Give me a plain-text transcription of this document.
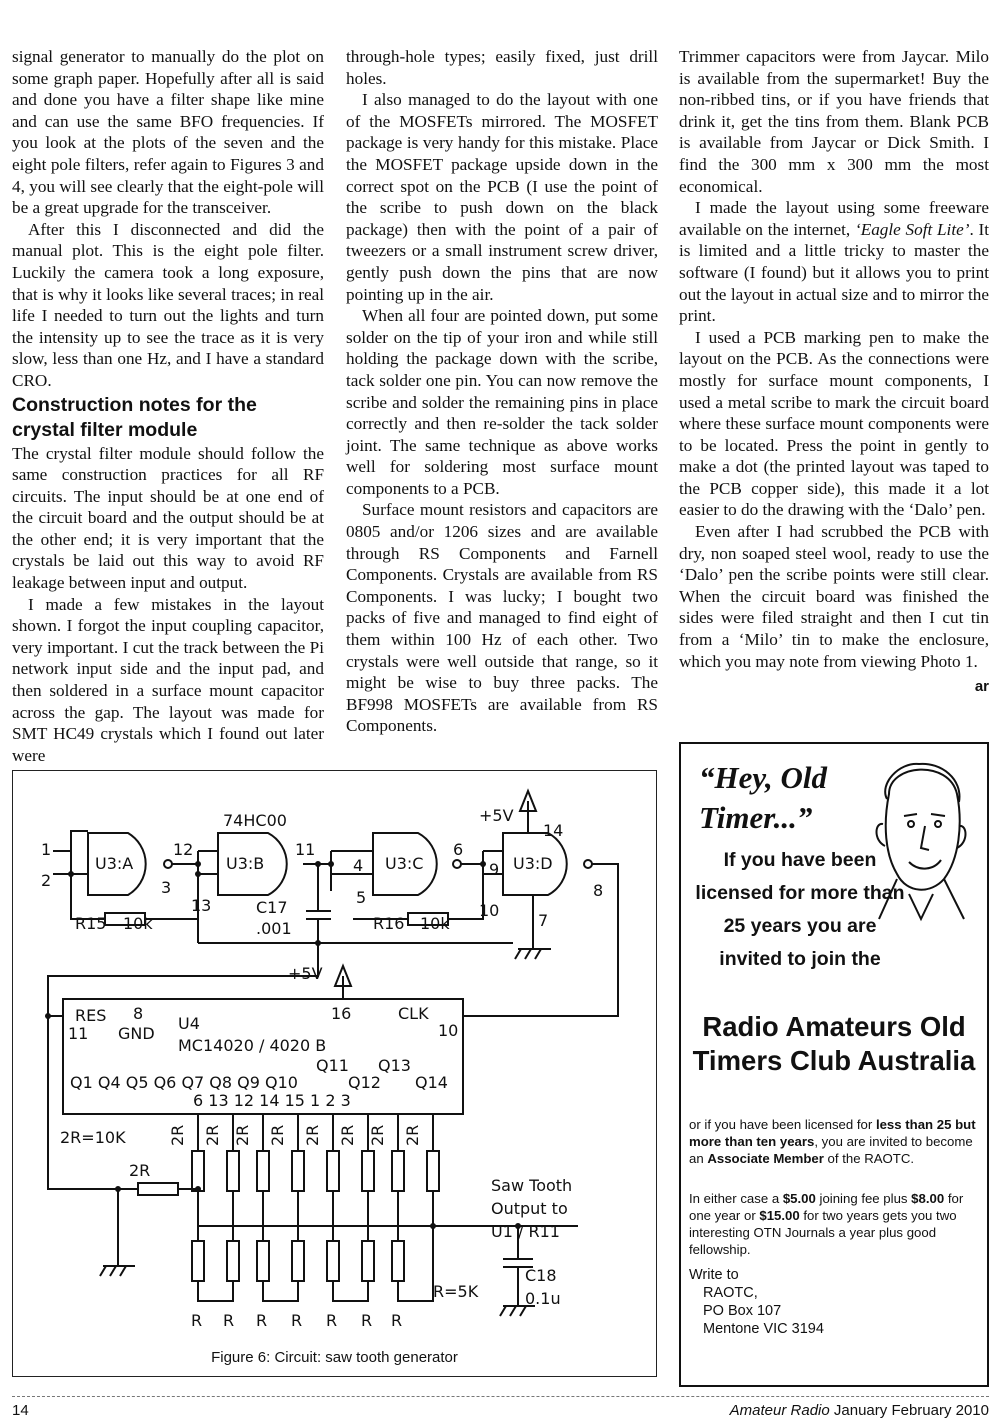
signal generator to manually do the plot on some graph paper. Hopefully after all is said and done you have a filter shape like mine and can use the same BFO frequencies. If you look at the plots of the seven and the eight pole filters, refer again to Figures 3 and 4, you will see clearly that the eight-pole will be a great upgrade for the transceiver.

After this I disconnected and did the manual plot. This is the eight pole filter. Luckily the camera took a long exposure, that is why it looks like several traces; in real life I needed to turn out the lights and turn the intensity up to see the trace as it is very slow, less than one Hz, and I have a standard CRO.

Construction notes for the crystal filter module

The crystal filter module should follow the same construction practices for all RF circuits. The input should be at one end of the circuit board and the output should be at the other end; it is very important that the crystals be laid out this way to avoid RF leakage between input and output.

I made a few mistakes in the layout shown. I forgot the input coupling capacitor, very important. I cut the track between the Pi network input side and the input pad, and then soldered in a surface mount capacitor across the gap. The layout was made for SMT HC49 crystals which I found out later were

through-hole types; easily fixed, just drill holes.

I also managed to do the layout with one of the MOSFETs mirrored. The MOSFET package is very handy for this mistake. Place the MOSFET package upside down in the correct spot on the PCB (I use the point of the scribe to push down on the black package) then with the point of a pair of tweezers or a small instrument screw driver, gently push down the pins that are now pointing up in the air.

When all four are pointed down, put some solder on the tip of your iron and while still holding the package down with the scribe, tack solder one pin. You can now remove the scribe and solder the remaining pins in place correctly and then re-solder the tack solder joint. The same technique as above works well for soldering most surface mount components to a PCB.

Surface mount resistors and capacitors are 0805 and/or 1206 sizes and are available through RS Components and Farnell Components. Crystals are available from RS Components. I was lucky; I bought two packs of five and managed to find eight of them within 100 Hz of each other. Two crystals were well outside that range, so it might be wise to buy three packs. The BF998 MOSFETs are available from RS Components.

Trimmer capacitors were from Jaycar. Milo is available from the supermarket! Buy the non-ribbed tins, or if you have friends that drink it, get the tins from them. Blank PCB is available from Jaycar or Dick Smith. I find the 300 mm x 300 mm the most economical.

I made the layout using some freeware available on the internet, ‘Eagle Soft Lite’. It is limited and a little tricky to master the software (I found) but it allows you to print out the layout in actual size and to mirror the print.

I used a PCB marking pen to make the layout on the PCB. As the connections were mostly for surface mount components, I used a metal scribe to mark the circuit board where these surface mount components were to be located. Press the point in gently to make a dot (the printed layout was taped to the PCB copper side), this made it a lot easier to do the drawing with the ‘Dalo’ pen.

Even after I had scrubbed the PCB with dry, non soaped steel wool, ready to use the ‘Dalo’ pen the scribe points were still clear. When the circuit board was finished the sides were filed straight and then I cut tin from a ‘Milo’ tin to make the enclosure, which you may note from viewing Photo 1.

ar
74HC00	+5V
14
1
2
12
13
11
3
4
5
6
9
10
8
7
U3:A	U3:B	U3:C	U3:D
C17
.001
R15 10k	R16 10k
+5V
RES 8
11 GND
U4
16	CLK
10
MC14020 / 4020 B
Q11 Q13
Q1 Q4 Q5 Q6 Q7 Q8 Q9 Q10	Q12 Q14
6 13 12 14 15 1 2 3
2R=10K
2R
Saw Tooth
Output to
U1 / R11
R=5K
C18
0.1u
2R 2R 2R 2R 2R 2R 2R 2R
R R R R R R R
Figure 6: Circuit: saw tooth generator
“Hey, Old Timer...”
If you have been licensed for more than 25 years you are invited to join the
Radio Amateurs Old Timers Club Australia
or if you have been licensed for less than 25 but more than ten years, you are invited to become an Associate Member of the RAOTC.
In either case a $5.00 joining fee plus $8.00 for one year or $15.00 for two years gets you two interesting OTN Journals a year plus good fellowship.
Write to
RAOTC,
PO Box 107
Mentone VIC 3194
14	Amateur Radio January February 2010
